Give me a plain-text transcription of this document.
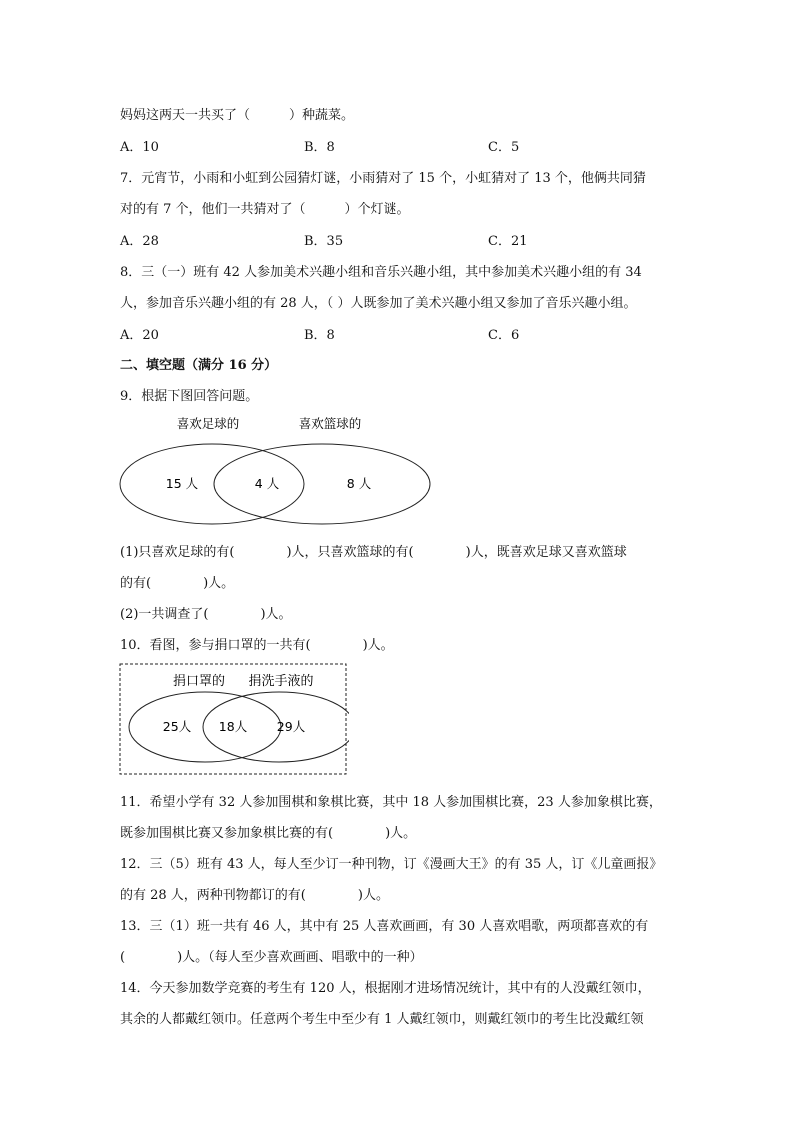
妈妈这两天一共买了（　　　）种蔬菜。
A．10	B．8	C．5
7．元宵节，小雨和小虹到公园猜灯谜，小雨猜对了 15 个，小虹猜对了 13 个，他俩共同猜
对的有 7 个，他们一共猜对了（　　　）个灯谜。
A．28	B．35	C．21
8．三（一）班有 42 人参加美术兴趣小组和音乐兴趣小组，其中参加美术兴趣小组的有 34
人，参加音乐兴趣小组的有 28 人，（ ）人既参加了美术兴趣小组又参加了音乐兴趣小组。
A．20	B．8	C．6
二、填空题（满分 16 分）
9．根据下图回答问题。
喜欢足球的	喜欢篮球的
15 人	4 人	8 人
(1)只喜欢足球的有(　　　　)人，只喜欢篮球的有(　　　　)人，既喜欢足球又喜欢篮球
的有(　　　　)人。
(2)一共调查了(　　　　)人。
10．看图，参与捐口罩的一共有(　　　　)人。
捐口罩的 捐洗手液的
25人 18人 29人
11．希望小学有 32 人参加围棋和象棋比赛，其中 18 人参加围棋比赛，23 人参加象棋比赛，
既参加围棋比赛又参加象棋比赛的有(　　　　)人。
12．三（5）班有 43 人，每人至少订一种刊物，订《漫画大王》的有 35 人，订《儿童画报》
的有 28 人，两种刊物都订的有(　　　　)人。
13．三（1）班一共有 46 人，其中有 25 人喜欢画画，有 30 人喜欢唱歌，两项都喜欢的有
(　　　　)人。（每人至少喜欢画画、唱歌中的一种）
14．今天参加数学竞赛的考生有 120 人，根据刚才进场情况统计，其中有的人没戴红领巾，
其余的人都戴红领巾。任意两个考生中至少有 1 人戴红领巾，则戴红领巾的考生比没戴红领
